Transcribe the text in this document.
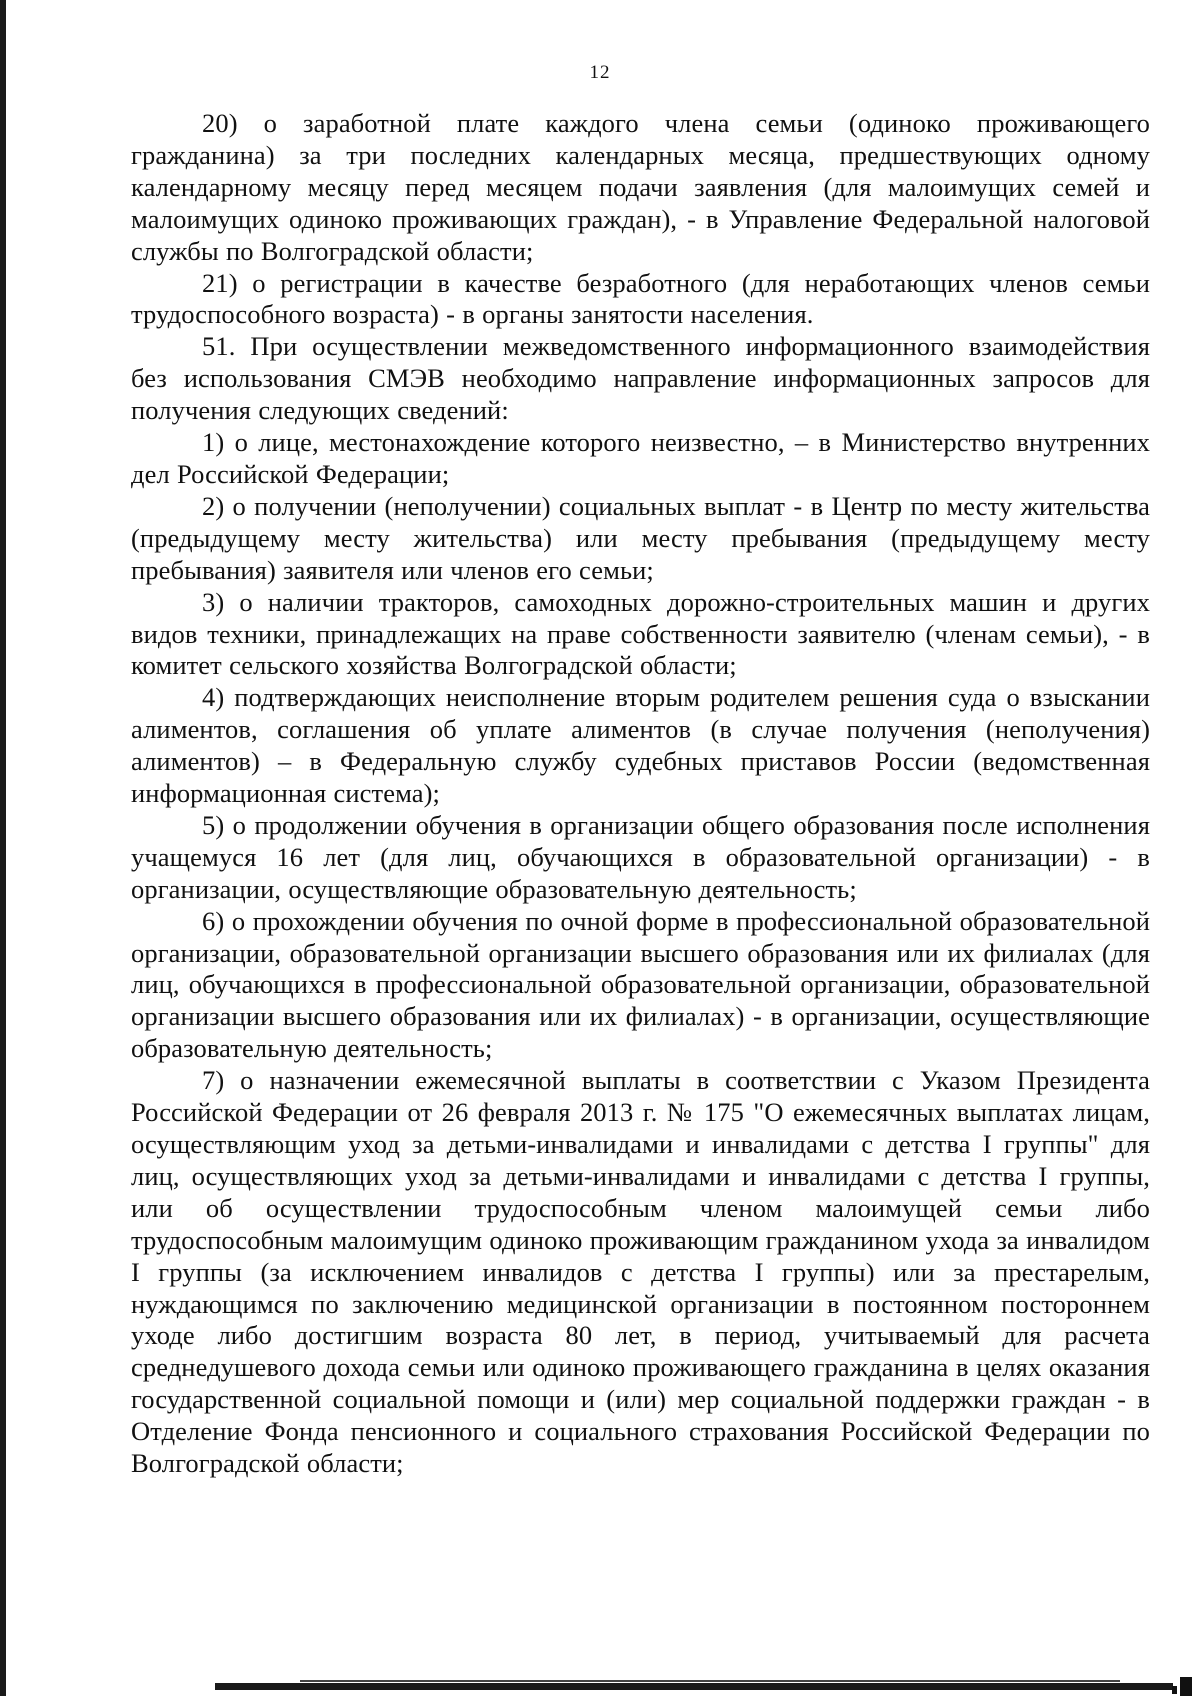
12

20) о заработной плате каждого члена семьи (одиноко проживающего гражданина) за три последних календарных месяца, предшествующих одному календарному месяцу перед месяцем подачи заявления (для малоимущих семей и малоимущих одиноко проживающих граждан), - в Управление Федеральной налоговой службы по Волгоградской области;

21) о регистрации в качестве безработного (для неработающих членов семьи трудоспособного возраста) - в органы занятости населения.

51. При осуществлении межведомственного информационного взаимодействия без использования СМЭВ необходимо направление информационных запросов для получения следующих сведений:

1) о лице, местонахождение которого неизвестно, – в Министерство внутренних дел Российской Федерации;

2) о получении (неполучении) социальных выплат - в Центр по месту жительства (предыдущему месту жительства) или месту пребывания (предыдущему месту пребывания) заявителя или членов его семьи;

3) о наличии тракторов, самоходных дорожно-строительных машин и других видов техники, принадлежащих на праве собственности заявителю (членам семьи), - в комитет сельского хозяйства Волгоградской области;

4) подтверждающих неисполнение вторым родителем решения суда о взыскании алиментов, соглашения об уплате алиментов (в случае получения (неполучения) алиментов) – в Федеральную службу судебных приставов России (ведомственная информационная система);

5) о продолжении обучения в организации общего образования после исполнения учащемуся 16 лет (для лиц, обучающихся в образовательной организации) - в организации, осуществляющие образовательную деятельность;

6) о прохождении обучения по очной форме в профессиональной образовательной организации, образовательной организации высшего образования или их филиалах (для лиц, обучающихся в профессиональной образовательной организации, образовательной организации высшего образования или их филиалах) - в организации, осуществляющие образовательную деятельность;

7) о назначении ежемесячной выплаты в соответствии с Указом Президента Российской Федерации от 26 февраля 2013 г. № 175 "О ежемесячных выплатах лицам, осуществляющим уход за детьми-инвалидами и инвалидами с детства I группы" для лиц, осуществляющих уход за детьми-инвалидами и инвалидами с детства I группы, или об осуществлении трудоспособным членом малоимущей семьи либо трудоспособным малоимущим одиноко проживающим гражданином ухода за инвалидом I группы (за исключением инвалидов с детства I группы) или за престарелым, нуждающимся по заключению медицинской организации в постоянном постороннем уходе либо достигшим возраста 80 лет, в период, учитываемый для расчета среднедушевого дохода семьи или одиноко проживающего гражданина в целях оказания государственной социальной помощи и (или) мер социальной поддержки граждан - в Отделение Фонда пенсионного и социального страхования Российской Федерации по Волгоградской области;
